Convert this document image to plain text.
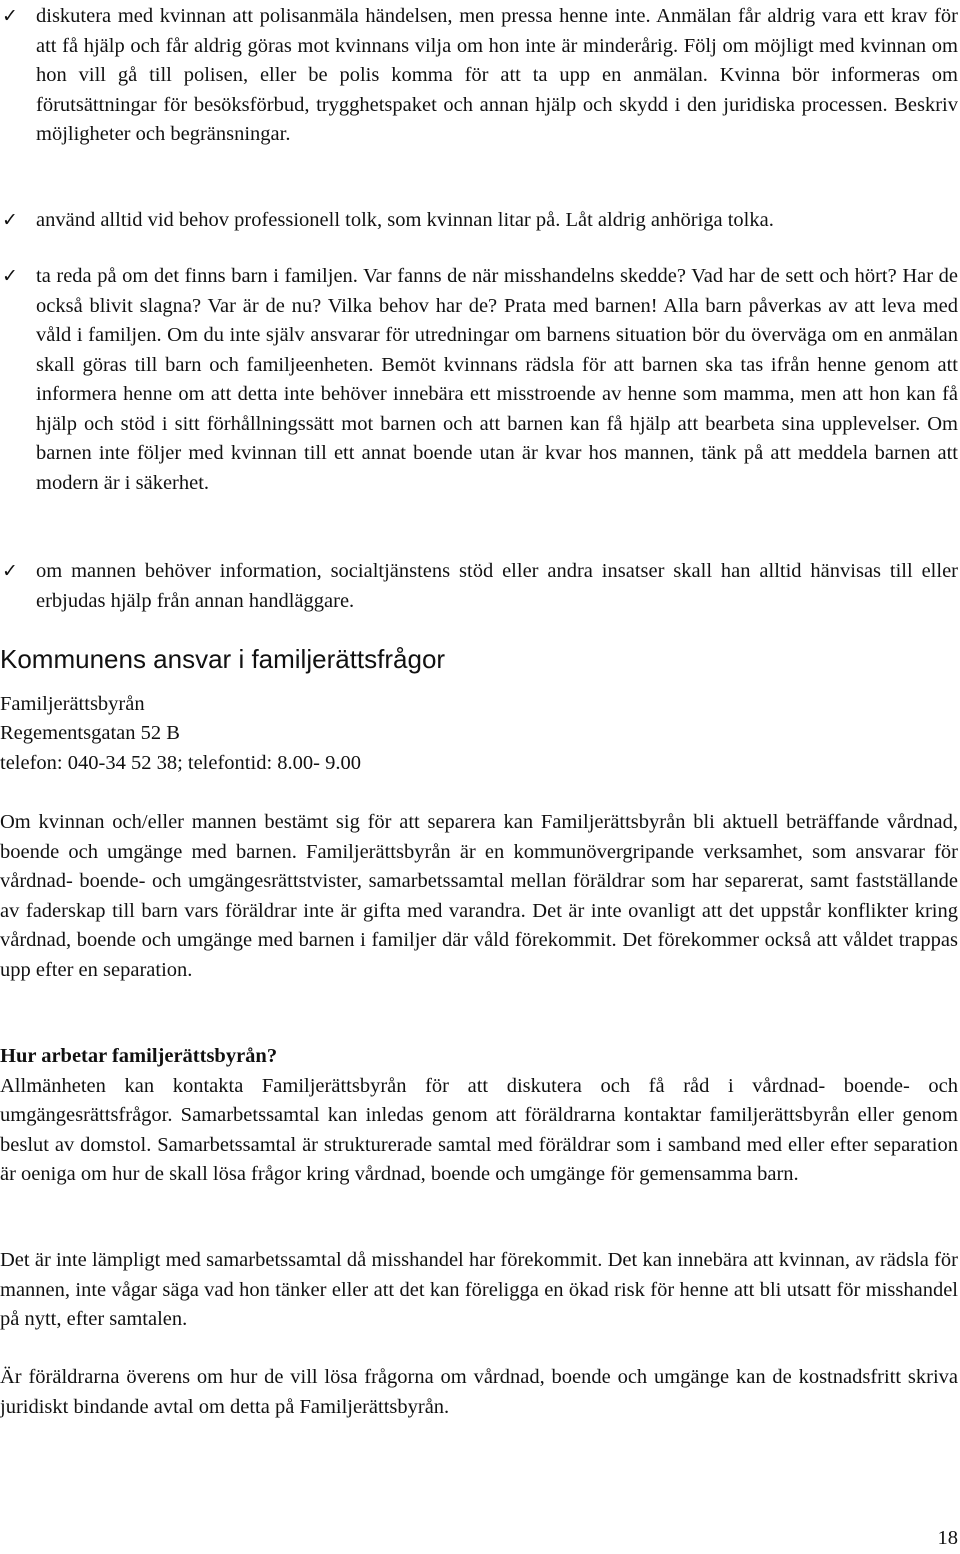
✓ diskutera med kvinnan att polisanmäla händelsen, men pressa henne inte. Anmälan får aldrig vara ett krav för att få hjälp och får aldrig göras mot kvinnans vilja om hon inte är minderårig. Följ om möjligt med kvinnan om hon vill gå till polisen, eller be polis komma för att ta upp en anmälan. Kvinna bör informeras om förutsättningar för besöksförbud, trygghetspaket och annan hjälp och skydd i den juridiska processen. Beskriv möjligheter och begränsningar.
✓ använd alltid vid behov professionell tolk, som kvinnan litar på. Låt aldrig anhöriga tolka.
✓ ta reda på om det finns barn i familjen. Var fanns de när misshandelns skedde? Vad har de sett och hört? Har de också blivit slagna? Var är de nu? Vilka behov har de? Prata med barnen! Alla barn påverkas av att leva med våld i familjen. Om du inte själv ansvarar för utredningar om barnens situation bör du överväga om en anmälan skall göras till barn och familjeenheten. Bemöt kvinnans rädsla för att barnen ska tas ifrån henne genom att informera henne om att detta inte behöver innebära ett misstroende av henne som mamma, men att hon kan få hjälp och stöd i sitt förhållningssätt mot barnen och att barnen kan få hjälp att bearbeta sina upplevelser. Om barnen inte följer med kvinnan till ett annat boende utan är kvar hos mannen, tänk på att meddela barnen att modern är i säkerhet.
✓ om mannen behöver information, socialtjänstens stöd eller andra insatser skall han alltid hänvisas till eller erbjudas hjälp från annan handläggare.
Kommunens ansvar i familjerättsfrågor
Familjerättsbyrån
Regementsgatan 52 B
telefon: 040-34 52 38; telefontid: 8.00- 9.00

Om kvinnan och/eller mannen bestämt sig för att separera kan Familjerättsbyrån bli aktuell beträffande vårdnad, boende och umgänge med barnen. Familjerättsbyrån är en kommunövergripande verksamhet, som ansvarar för vårdnad- boende- och umgängesrättstvister, samarbetssamtal mellan föräldrar som har separerat, samt fastställande av faderskap till barn vars föräldrar inte är gifta med varandra. Det är inte ovanligt att det uppstår konflikter kring vårdnad, boende och umgänge med barnen i familjer där våld förekommit. Det förekommer också att våldet trappas upp efter en separation.

Hur arbetar familjerättsbyrån?
Allmänheten kan kontakta Familjerättsbyrån för att diskutera och få råd i vårdnad- boende- och umgängesrättsfrågor. Samarbetssamtal kan inledas genom att föräldrarna kontaktar familjerättsbyrån eller genom beslut av domstol. Samarbetssamtal är strukturerade samtal med föräldrar som i samband med eller efter separation är oeniga om hur de skall lösa frågor kring vårdnad, boende och umgänge för gemensamma barn.

Det är inte lämpligt med samarbetssamtal då misshandel har förekommit. Det kan innebära att kvinnan, av rädsla för mannen, inte vågar säga vad hon tänker eller att det kan föreligga en ökad risk för henne att bli utsatt för misshandel på nytt, efter samtalen.

Är föräldrarna överens om hur de vill lösa frågorna om vårdnad, boende och umgänge kan de kostnadsfritt skriva juridiskt bindande avtal om detta på Familjerättsbyrån.

18
